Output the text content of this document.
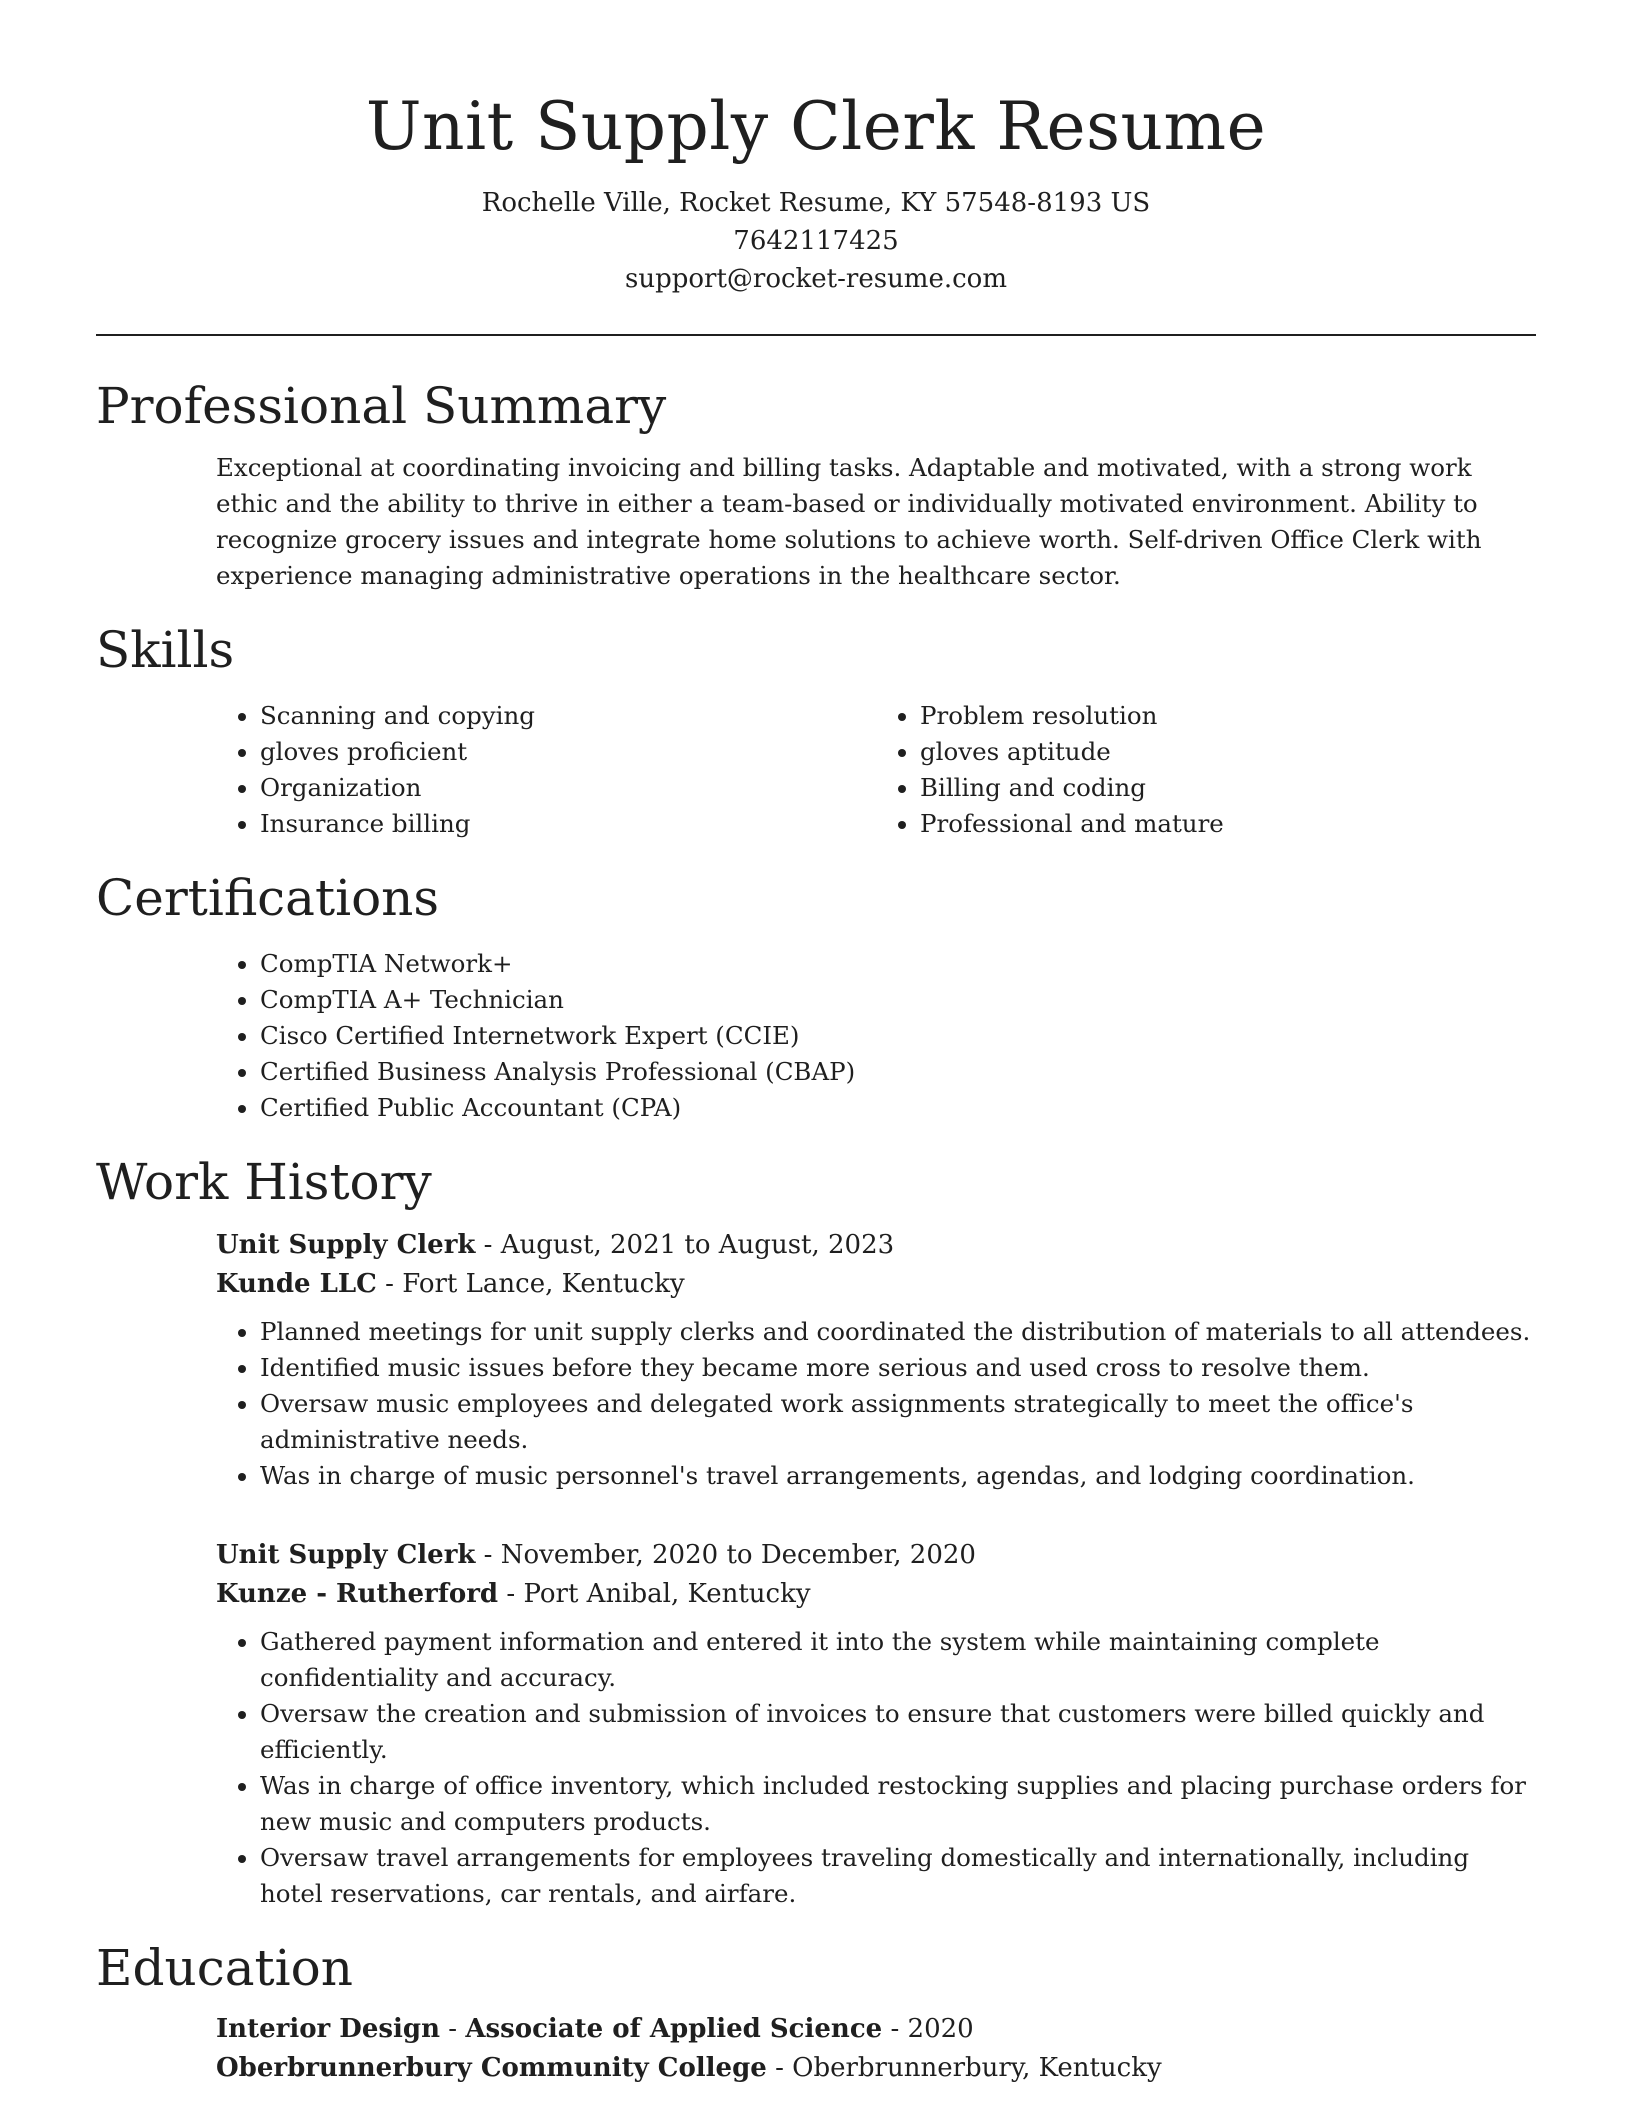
Unit Supply Clerk Resume
Rochelle Ville, Rocket Resume, KY 57548-8193 US
7642117425
support@rocket-resume.com
Professional Summary

Exceptional at coordinating invoicing and billing tasks. Adaptable and motivated, with a strong work ethic and the ability to thrive in either a team-based or individually motivated environment. Ability to recognize grocery issues and integrate home solutions to achieve worth. Self-driven Office Clerk with experience managing administrative operations in the healthcare sector.

Skills
• Scanning and copying
• gloves proficient
• Organization
• Insurance billing
• Problem resolution
• gloves aptitude
• Billing and coding
• Professional and mature
Certifications
• CompTIA Network+
• CompTIA A+ Technician
• Cisco Certified Internetwork Expert (CCIE)
• Certified Business Analysis Professional (CBAP)
• Certified Public Accountant (CPA)
Work History
Unit Supply Clerk - August, 2021 to August, 2023
Kunde LLC - Fort Lance, Kentucky
• Planned meetings for unit supply clerks and coordinated the distribution of materials to all attendees.
• Identified music issues before they became more serious and used cross to resolve them.
• Oversaw music employees and delegated work assignments strategically to meet the office's administrative needs.
• Was in charge of music personnel's travel arrangements, agendas, and lodging coordination.
Unit Supply Clerk - November, 2020 to December, 2020
Kunze - Rutherford - Port Anibal, Kentucky
• Gathered payment information and entered it into the system while maintaining complete confidentiality and accuracy.
• Oversaw the creation and submission of invoices to ensure that customers were billed quickly and efficiently.
• Was in charge of office inventory, which included restocking supplies and placing purchase orders for new music and computers products.
• Oversaw travel arrangements for employees traveling domestically and internationally, including hotel reservations, car rentals, and airfare.
Education
Interior Design - Associate of Applied Science - 2020
Oberbrunnerbury Community College - Oberbrunnerbury, Kentucky
